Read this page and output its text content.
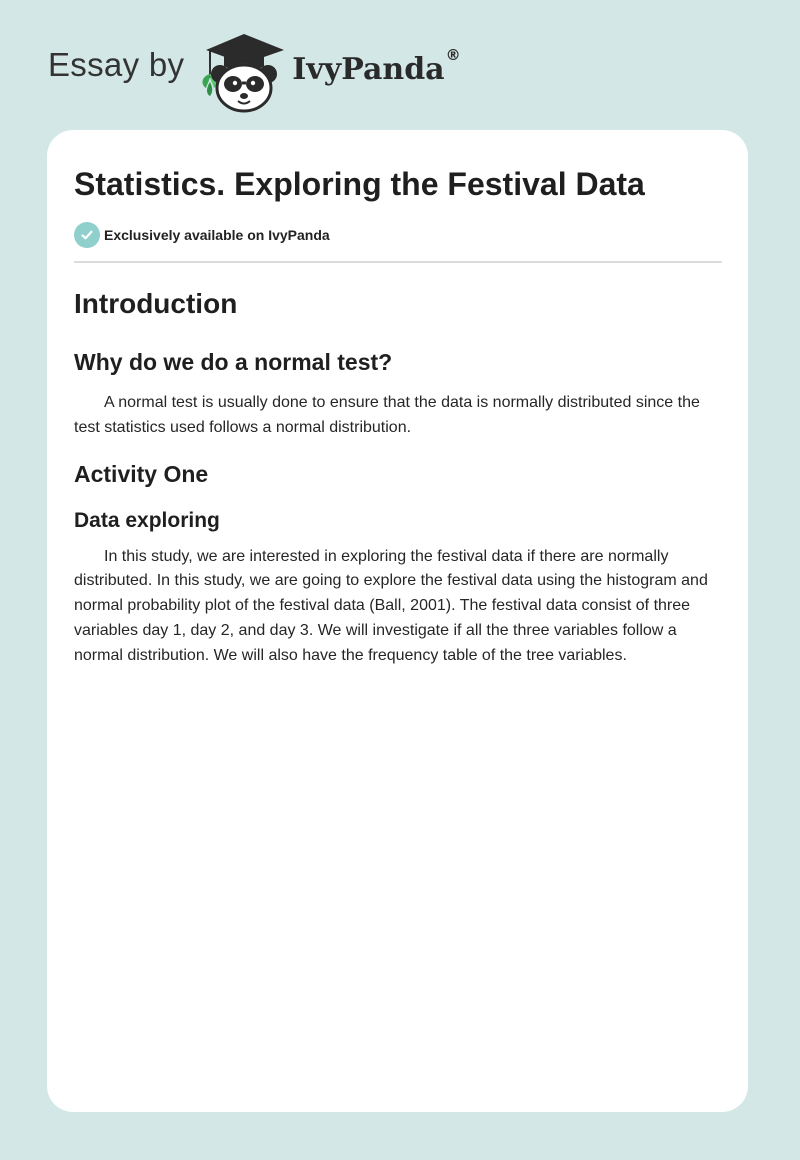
Essay by	IvyPanda®
Statistics. Exploring the Festival Data
Exclusively available on IvyPanda
Introduction
Why do we do a normal test?

A normal test is usually done to ensure that the data is normally distributed since the test statistics used follows a normal distribution.

Activity One
Data exploring

In this study, we are interested in exploring the festival data if there are normally distributed. In this study, we are going to explore the festival data using the histogram and normal probability plot of the festival data (Ball, 2001). The festival data consist of three variables day 1, day 2, and day 3. We will investigate if all the three variables follow a normal distribution. We will also have the frequency table of the tree variables.
